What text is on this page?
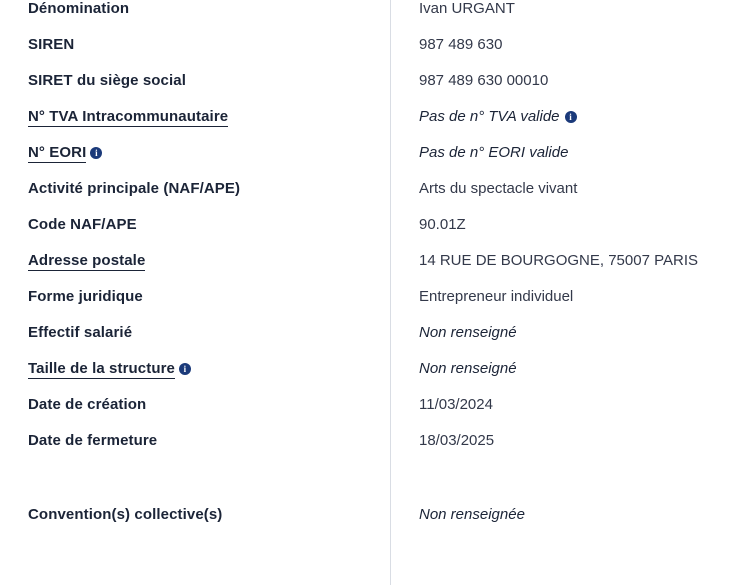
Dénomination	Ivan URGANT
SIREN	987 489 630
SIRET du siège social	987 489 630 00010
N° TVA Intracommunautaire	Pas de n° TVA valide i
N° EORI i	Pas de n° EORI valide
Activité principale (NAF/APE)	Arts du spectacle vivant
Code NAF/APE	90.01Z
Adresse postale	14 RUE DE BOURGOGNE, 75007 PARIS
Forme juridique	Entrepreneur individuel
Effectif salarié	Non renseigné
Taille de la structure i	Non renseigné
Date de création	11/03/2024
Date de fermeture	18/03/2025
Convention(s) collective(s)	Non renseignée
